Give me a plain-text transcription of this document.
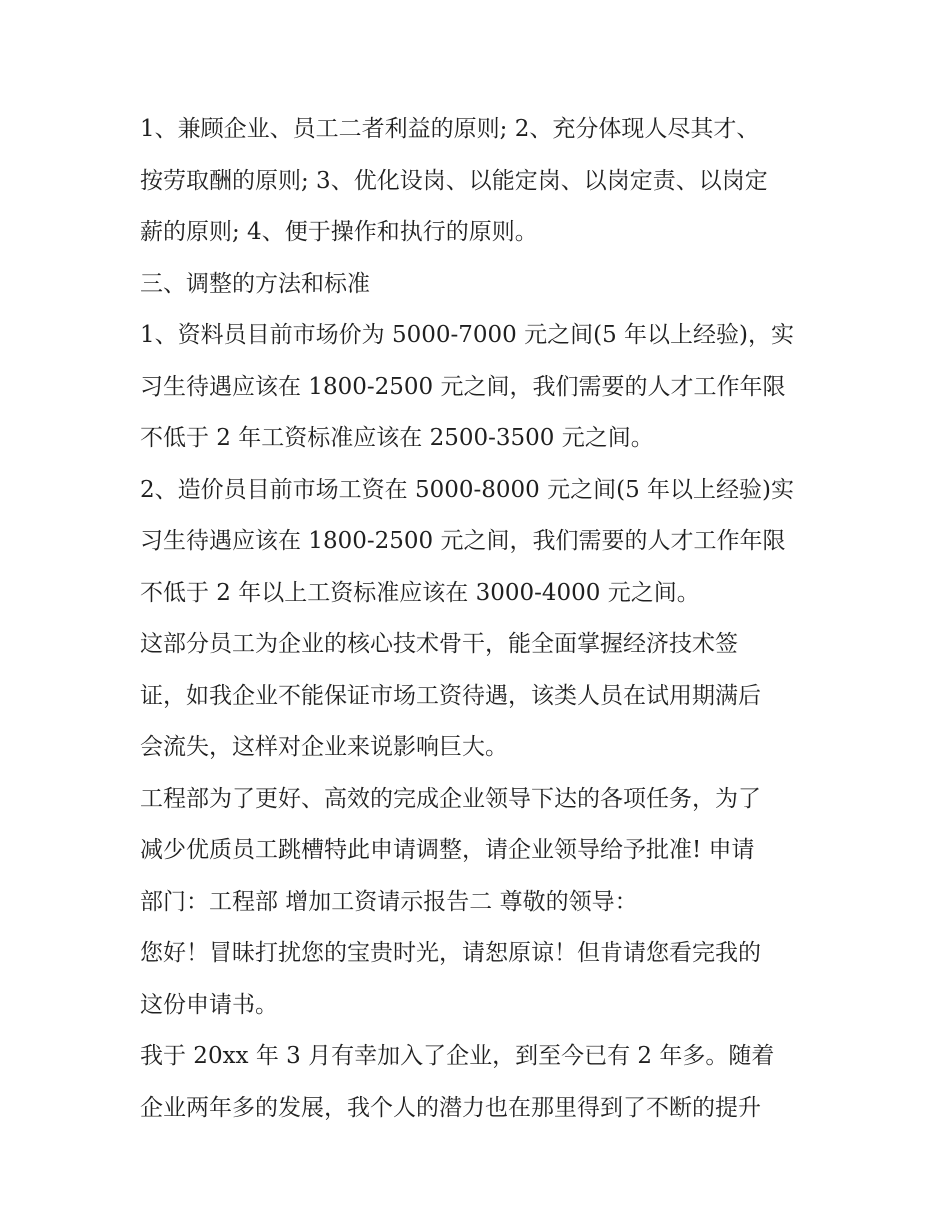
1、兼顾企业、员工二者利益的原则; 2、充分体现人尽其才、

按劳取酬的原则; 3、优化设岗、以能定岗、以岗定责、以岗定

薪的原则; 4、便于操作和执行的原则。

三、调整的方法和标准

1、资料员目前市场价为 5000-7000 元之间(5 年以上经验)，实

习生待遇应该在 1800-2500 元之间，我们需要的人才工作年限

不低于 2 年工资标准应该在 2500-3500 元之间。

2、造价员目前市场工资在 5000-8000 元之间(5 年以上经验)实

习生待遇应该在 1800-2500 元之间，我们需要的人才工作年限

不低于 2 年以上工资标准应该在 3000-4000 元之间。

这部分员工为企业的核心技术骨干，能全面掌握经济技术签

证，如我企业不能保证市场工资待遇，该类人员在试用期满后

会流失，这样对企业来说影响巨大。

工程部为了更好、高效的完成企业领导下达的各项任务，为了

减少优质员工跳槽特此申请调整，请企业领导给予批准! 申请

部门：工程部 增加工资请示报告二 尊敬的领导：

您好！冒昧打扰您的宝贵时光，请恕原谅！但肯请您看完我的

这份申请书。

我于 20xx 年 3 月有幸加入了企业，到至今已有 2 年多。随着

企业两年多的发展，我个人的潜力也在那里得到了不断的提升
